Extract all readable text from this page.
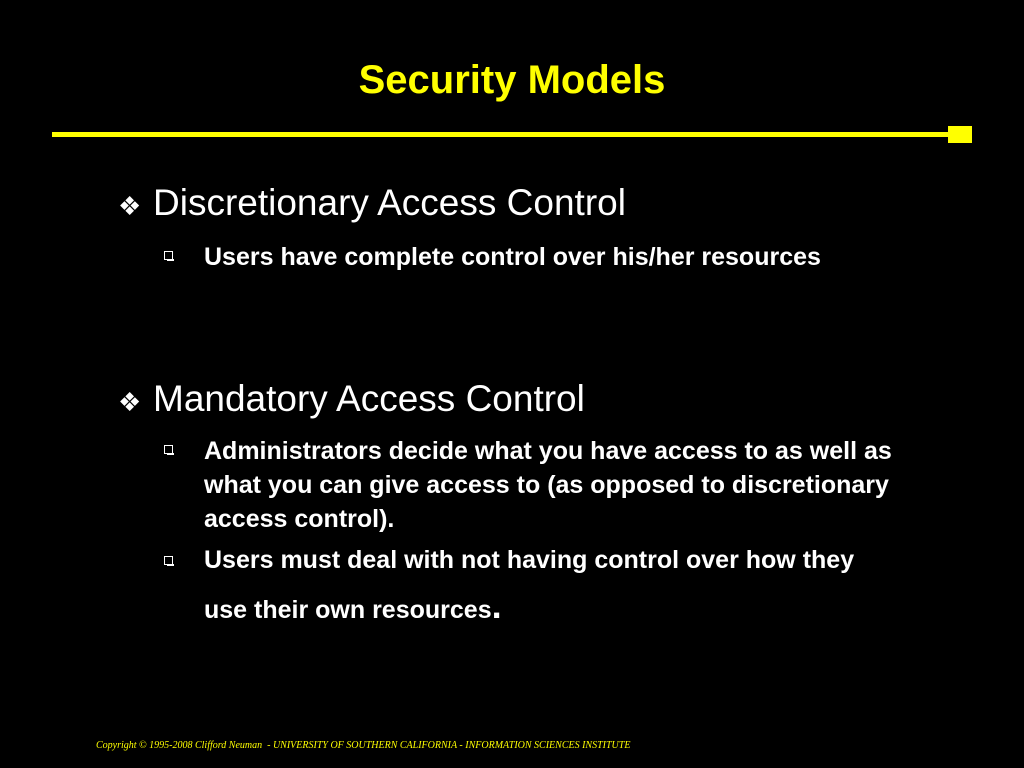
Security Models
❖ Discretionary Access Control
Users have complete control over his/her resources
❖ Mandatory Access Control
Administrators decide what you have access to as well as what you can give access to (as opposed to discretionary access control).
Users must deal with not having control over how they use their own resources.
Copyright © 1995-2008 Clifford Neuman  - UNIVERSITY OF SOUTHERN CALIFORNIA - INFORMATION SCIENCES INSTITUTE
